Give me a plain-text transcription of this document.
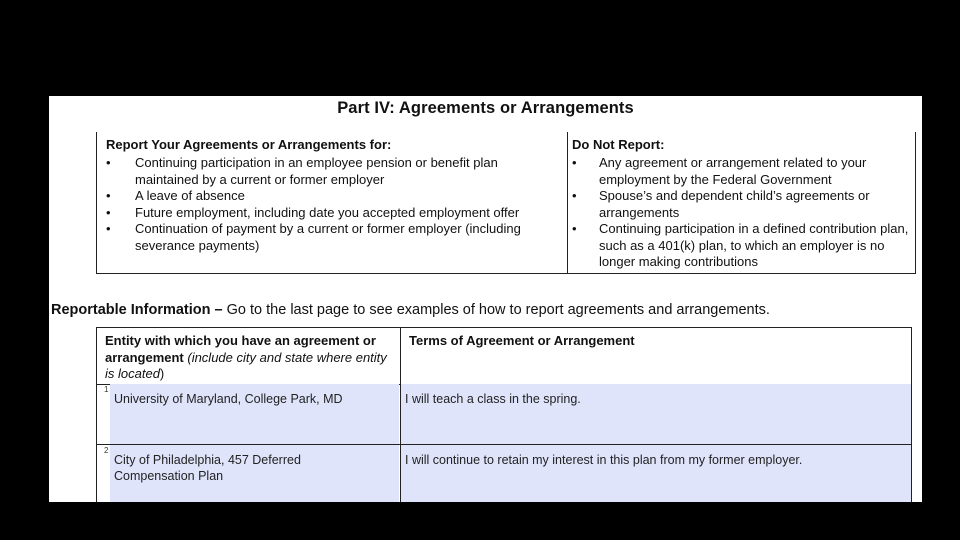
Part IV: Agreements or Arrangements
Report Your Agreements or Arrangements for:
• Continuing participation in an employee pension or benefit plan maintained by a current or former employer
• A leave of absence
• Future employment, including date you accepted employment offer
• Continuation of payment by a current or former employer (including severance payments)
Do Not Report:
• Any agreement or arrangement related to your employment by the Federal Government
• Spouse’s and dependent child’s agreements or arrangements
• Continuing participation in a defined contribution plan, such as a 401(k) plan, to which an employer is no longer making contributions
Reportable Information – Go to the last page to see examples of how to report agreements and arrangements.
Entity with which you have an agreement or arrangement (include city and state where entity is located)
Terms of Agreement or Arrangement
1
University of Maryland, College Park, MD	I will teach a class in the spring.
2
City of Philadelphia, 457 Deferred Compensation Plan
I will continue to retain my interest in this plan from my former employer.
